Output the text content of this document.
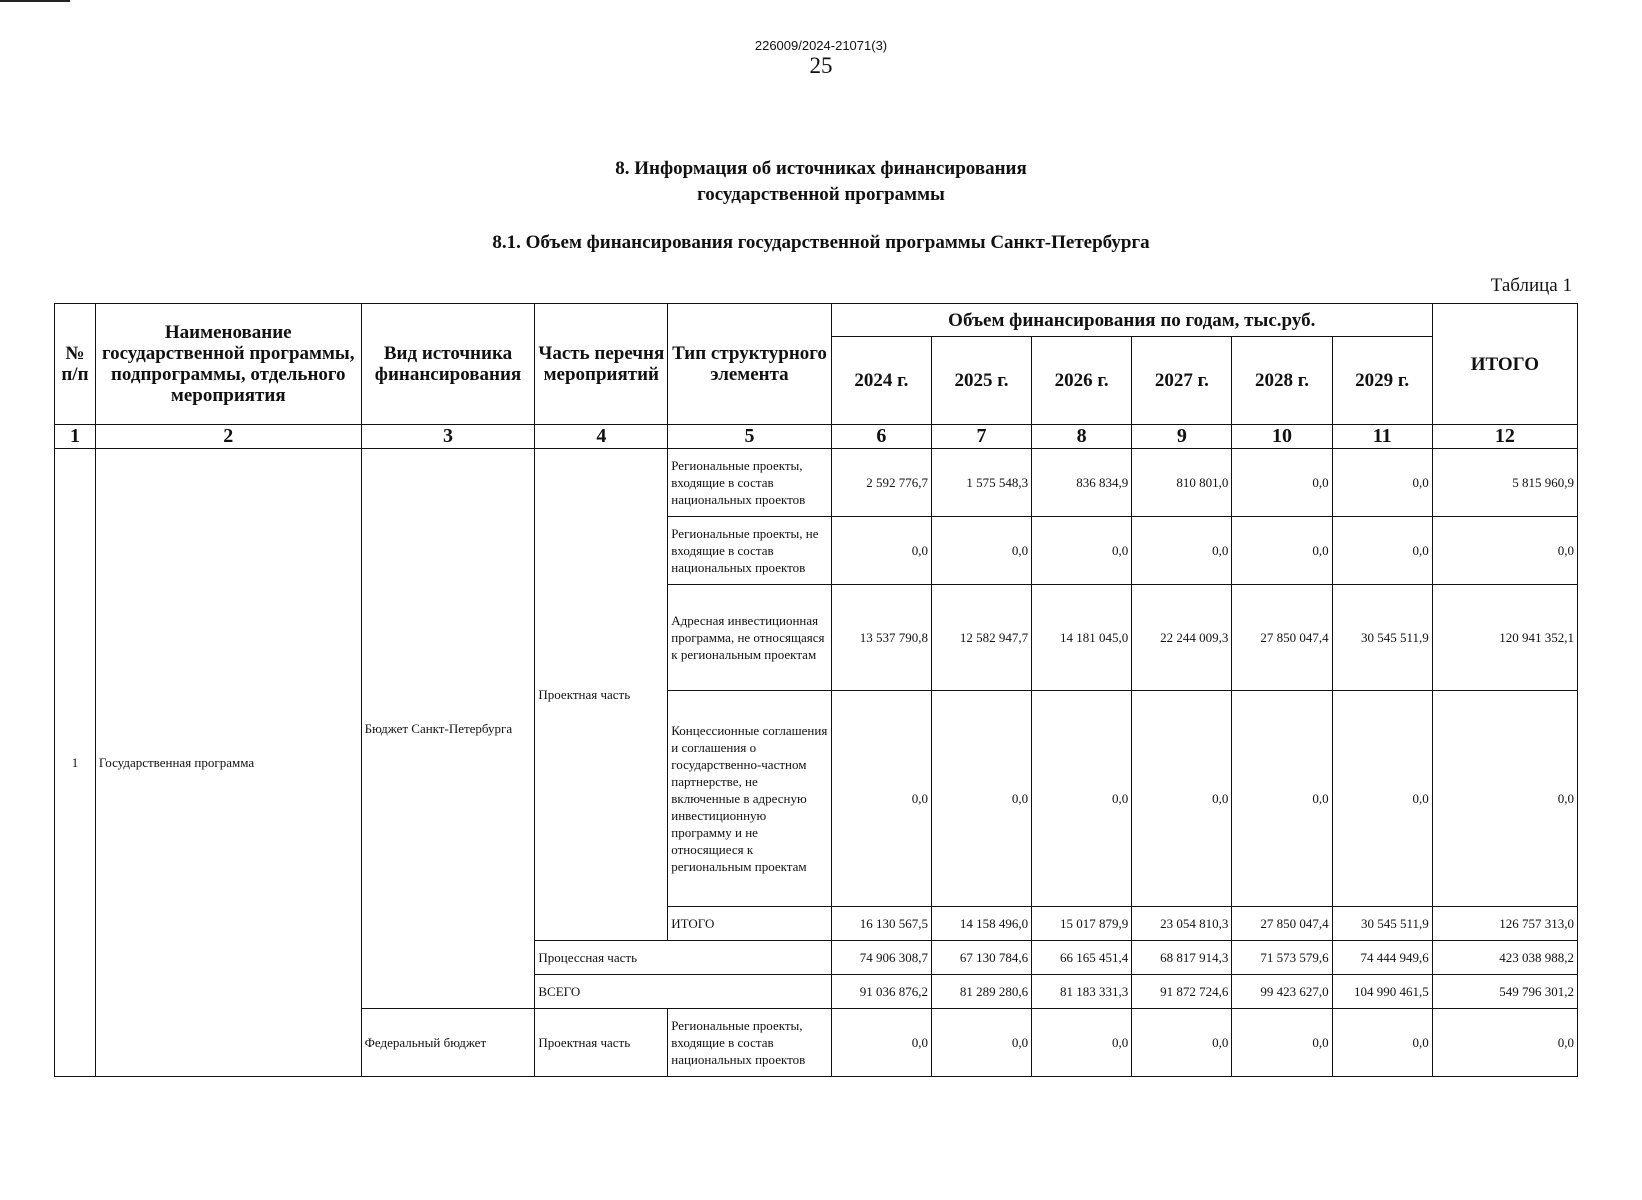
226009/2024-21071(3)
25
8. Информация об источниках финансирования
государственной программы
8.1. Объем финансирования государственной программы Санкт-Петербурга
Таблица 1
№ п/п	Наименование государственной программы, подпрограммы, отдельного мероприятия	Вид источника финансирования	Часть перечня мероприятий	Тип структурного элемента	Объем финансирования по годам, тыс.руб.						ИТОГО
					2024 г.	2025 г.	2026 г.	2027 г.	2028 г.	2029 г.	
1	2	3	4	5	6	7	8	9	10	11	12
1	Государственная программа	Бюджет Санкт-Петербурга	Проектная часть	Региональные проекты, входящие в состав национальных проектов	2 592 776,7	1 575 548,3	836 834,9	810 801,0	0,0	0,0	5 815 960,9
				Региональные проекты, не входящие в состав национальных проектов	0,0	0,0	0,0	0,0	0,0	0,0	0,0
				Адресная инвестиционная программа, не относящаяся к региональным проектам	13 537 790,8	12 582 947,7	14 181 045,0	22 244 009,3	27 850 047,4	30 545 511,9	120 941 352,1
				Концессионные соглашения и соглашения о государственно-частном партнерстве, не включенные в адресную инвестиционную программу и не относящиеся к региональным проектам	0,0	0,0	0,0	0,0	0,0	0,0	0,0
				ИТОГО	16 130 567,5	14 158 496,0	15 017 879,9	23 054 810,3	27 850 047,4	30 545 511,9	126 757 313,0
			Процессная часть		74 906 308,7	67 130 784,6	66 165 451,4	68 817 914,3	71 573 579,6	74 444 949,6	423 038 988,2
			ВСЕГО		91 036 876,2	81 289 280,6	81 183 331,3	91 872 724,6	99 423 627,0	104 990 461,5	549 796 301,2
		Федеральный бюджет	Проектная часть	Региональные проекты, входящие в состав национальных проектов	0,0	0,0	0,0	0,0	0,0	0,0	0,0
